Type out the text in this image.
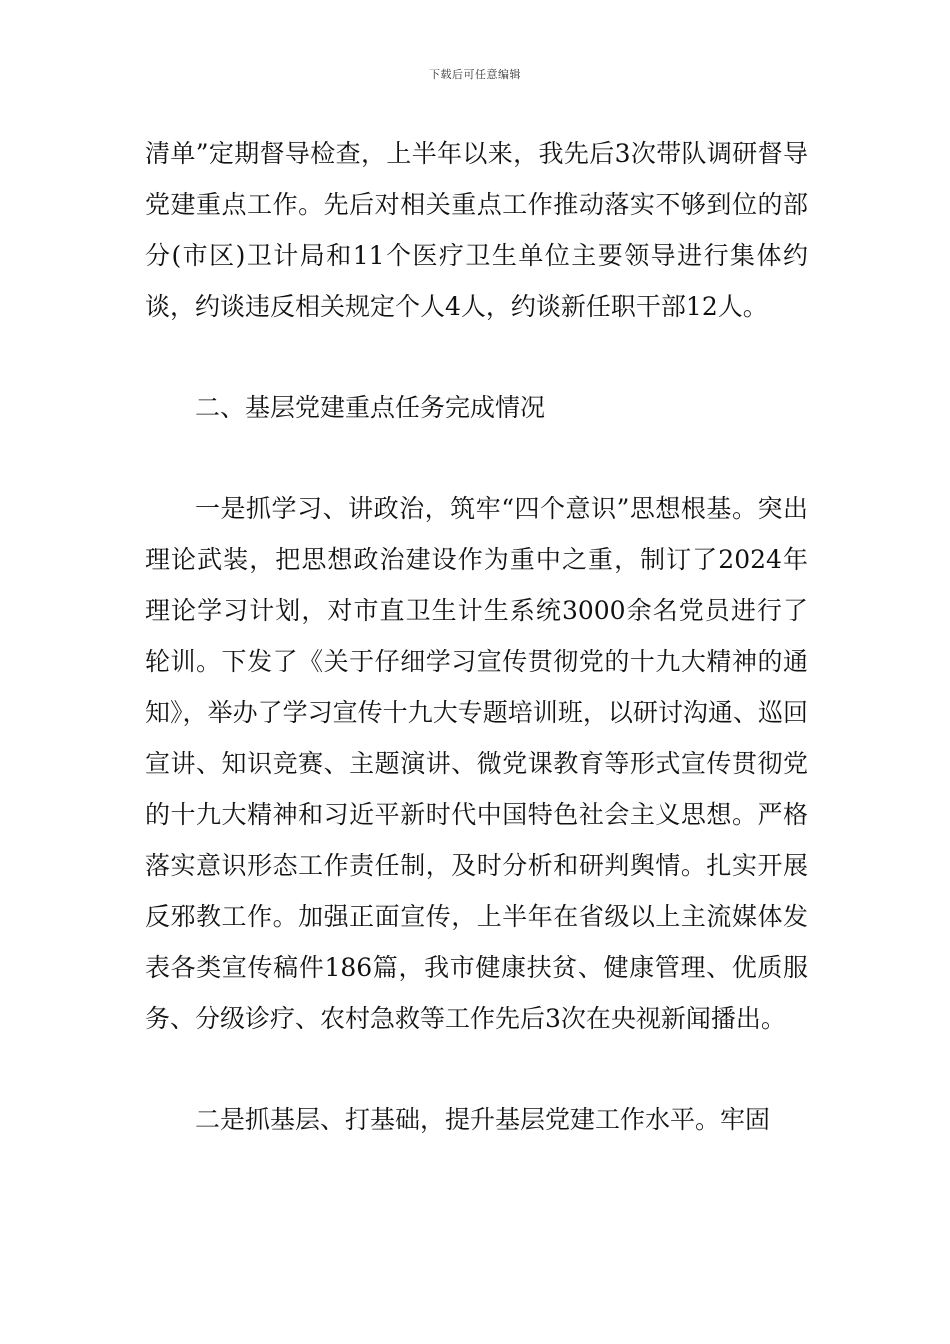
下载后可任意编辑

清单”定期督导检查，上半年以来，我先后3次带队调研督导党建重点工作。先后对相关重点工作推动落实不够到位的部分(市区)卫计局和11个医疗卫生单位主要领导进行集体约谈，约谈违反相关规定个人4人，约谈新任职干部12人。

二、基层党建重点任务完成情况

一是抓学习、讲政治，筑牢“四个意识”思想根基。突出理论武装，把思想政治建设作为重中之重，制订了2024年理论学习计划，对市直卫生计生系统3000余名党员进行了轮训。下发了《关于仔细学习宣传贯彻党的十九大精神的通知》，举办了学习宣传十九大专题培训班，以研讨沟通、巡回宣讲、知识竞赛、主题演讲、微党课教育等形式宣传贯彻党的十九大精神和习近平新时代中国特色社会主义思想。严格落实意识形态工作责任制，及时分析和研判舆情。扎实开展反邪教工作。加强正面宣传，上半年在省级以上主流媒体发表各类宣传稿件186篇，我市健康扶贫、健康管理、优质服务、分级诊疗、农村急救等工作先后3次在央视新闻播出。

二是抓基层、打基础，提升基层党建工作水平。牢固
